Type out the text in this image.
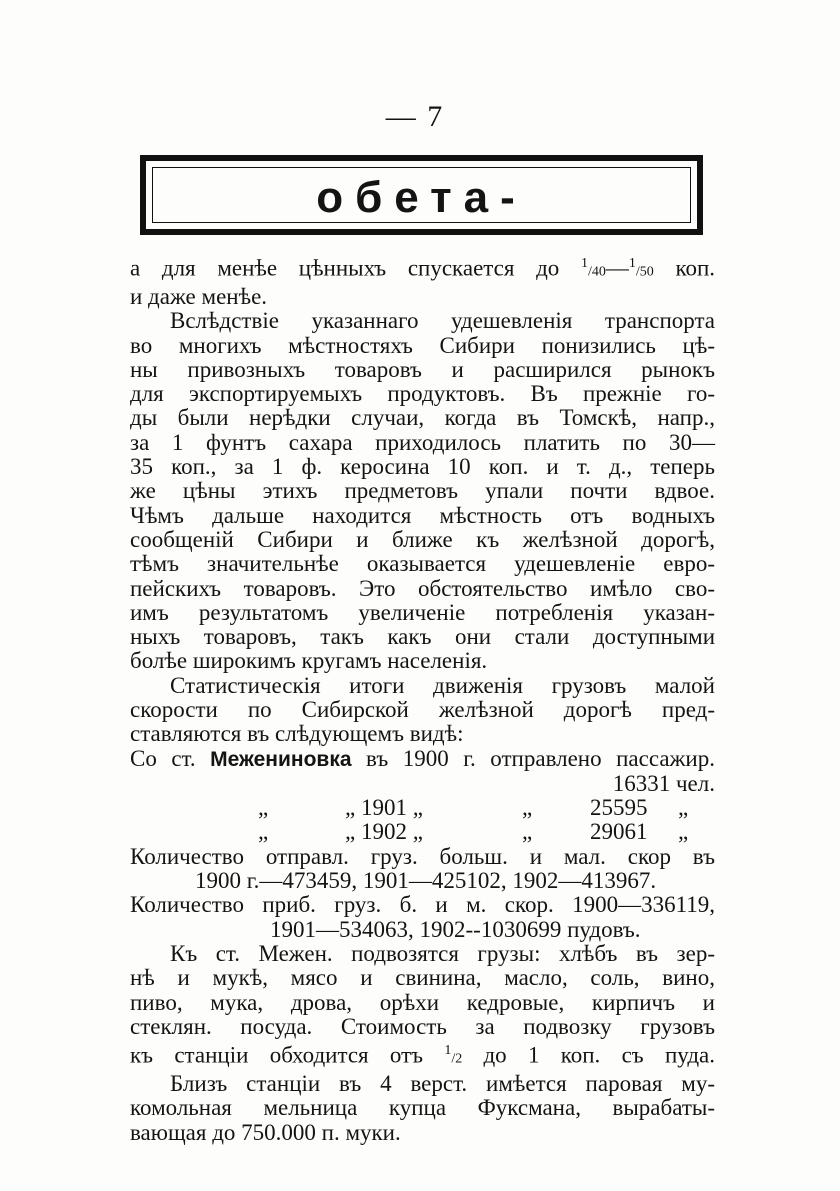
— 7
обета-
а для менѣе цѣнныхъ спускается до $^1$/40—$^1$/50 коп.
и даже менѣе.
Вслѣдствіе указаннаго удешевленія транспорта
во многихъ мѣстностяхъ Сибири понизились цѣ-
ны привозныхъ товаровъ и расширился рынокъ
для экспортируемыхъ продуктовъ. Въ прежніе го-
ды были нерѣдки случаи, когда въ Томскѣ, напр.,
за 1 фунтъ сахара приходилось платить по 30—
35 коп., за 1 ф. керосина 10 коп. и т. д., теперь
же цѣны этихъ предметовъ упали почти вдвое.
Чѣмъ дальше находится мѣстность отъ водныхъ
сообщеній Сибири и ближе къ желѣзной дорогѣ,
тѣмъ значительнѣе оказывается удешевленіе евро-
пейскихъ товаровъ. Это обстоятельство имѣло сво-
имъ результатомъ увеличеніе потребленія указан-
ныхъ товаровъ, такъ какъ они стали доступными
болѣе широкимъ кругамъ населенія.
Статистическія итоги движенія грузовъ малой
скорости по Сибирской желѣзной дорогѣ пред-
ставляются въ слѣдующемъ видѣ:
Со ст. Межениновка въ 1900 г. отправлено пассажир.
16331 чел.
„	„ 1901 „	„	25595 „
„	„ 1902 „	„	29061 „
Количество отправл. груз. больш. и мал. скор въ
1900 г.—473459, 1901—425102, 1902—413967.
Количество приб. груз. б. и м. скор. 1900—336119,
1901—534063, 1902--1030699 пудовъ.
Къ ст. Межен. подвозятся грузы: хлѣбъ въ зер-
нѣ и мукѣ, мясо и свинина, масло, соль, вино,
пиво, мука, дрова, орѣхи кедровые, кирпичъ и
стеклян. посуда. Стоимость за подвозку грузовъ
къ станціи обходится отъ $^1$/2 до 1 коп. съ пуда.
Близъ станціи въ 4 верст. имѣется паровая му-
комольная мельница купца Фуксмана, вырабаты-
вающая до 750.000 п. муки.
